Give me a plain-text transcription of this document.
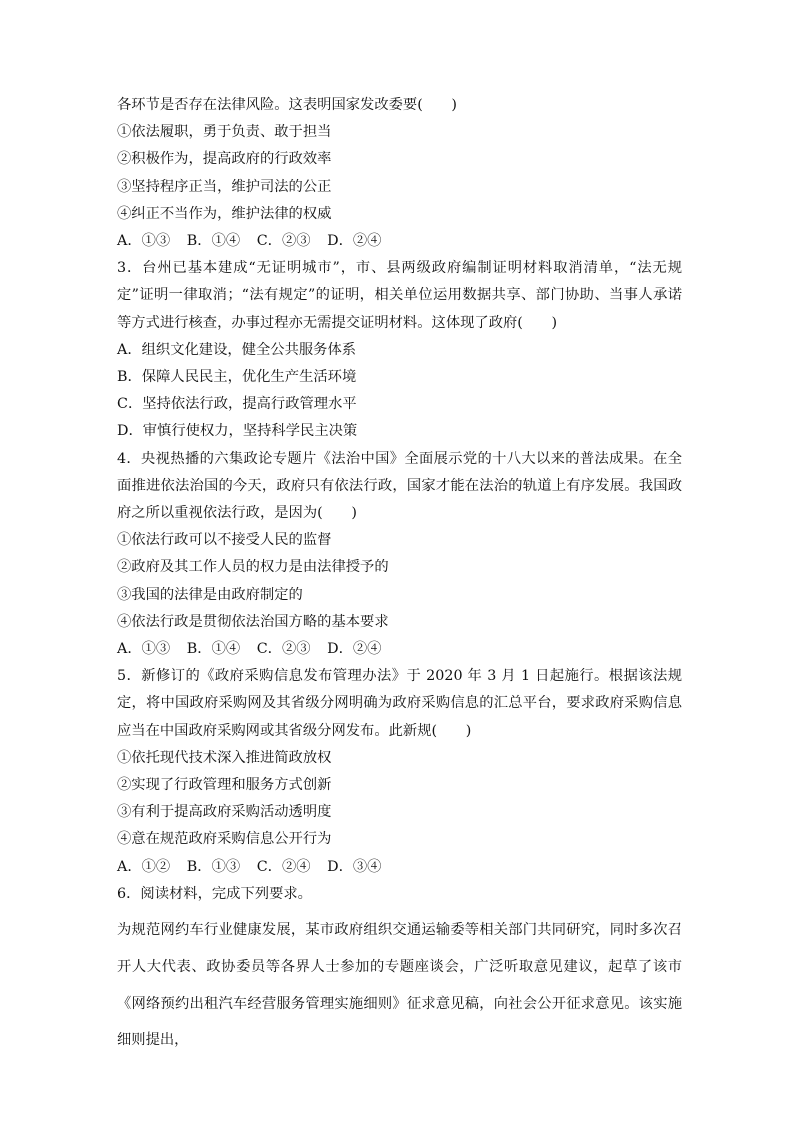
各环节是否存在法律风险。这表明国家发改委要(　　)
①依法履职，勇于负责、敢于担当
②积极作为，提高政府的行政效率
③坚持程序正当，维护司法的公正
④纠正不当作为，维护法律的权威
A．①③ B．①④ C．②③ D．②④
3．台州已基本建成“无证明城市”，市、县两级政府编制证明材料取消清单，“法无规定”证明一律取消；“法有规定”的证明，相关单位运用数据共享、部门协助、当事人承诺等方式进行核查，办事过程亦无需提交证明材料。这体现了政府(　　)
A．组织文化建设，健全公共服务体系
B．保障人民民主，优化生产生活环境
C．坚持依法行政，提高行政管理水平
D．审慎行使权力，坚持科学民主决策
4．央视热播的六集政论专题片《法治中国》全面展示党的十八大以来的普法成果。在全面推进依法治国的今天，政府只有依法行政，国家才能在法治的轨道上有序发展。我国政府之所以重视依法行政，是因为(　　)
①依法行政可以不接受人民的监督
②政府及其工作人员的权力是由法律授予的
③我国的法律是由政府制定的
④依法行政是贯彻依法治国方略的基本要求
A．①③ B．①④ C．②③ D．②④
5．新修订的《政府采购信息发布管理办法》于 2020 年 3 月 1 日起施行。根据该法规定，将中国政府采购网及其省级分网明确为政府采购信息的汇总平台，要求政府采购信息应当在中国政府采购网或其省级分网发布。此新规(　　)
①依托现代技术深入推进简政放权
②实现了行政管理和服务方式创新
③有利于提高政府采购活动透明度
④意在规范政府采购信息公开行为
A．①② B．①③ C．②④ D．③④
6．阅读材料，完成下列要求。
为规范网约车行业健康发展，某市政府组织交通运输委等相关部门共同研究，同时多次召开人大代表、政协委员等各界人士参加的专题座谈会，广泛听取意见建议，起草了该市《网络预约出租汽车经营服务管理实施细则》征求意见稿，向社会公开征求意见。该实施细则提出，
